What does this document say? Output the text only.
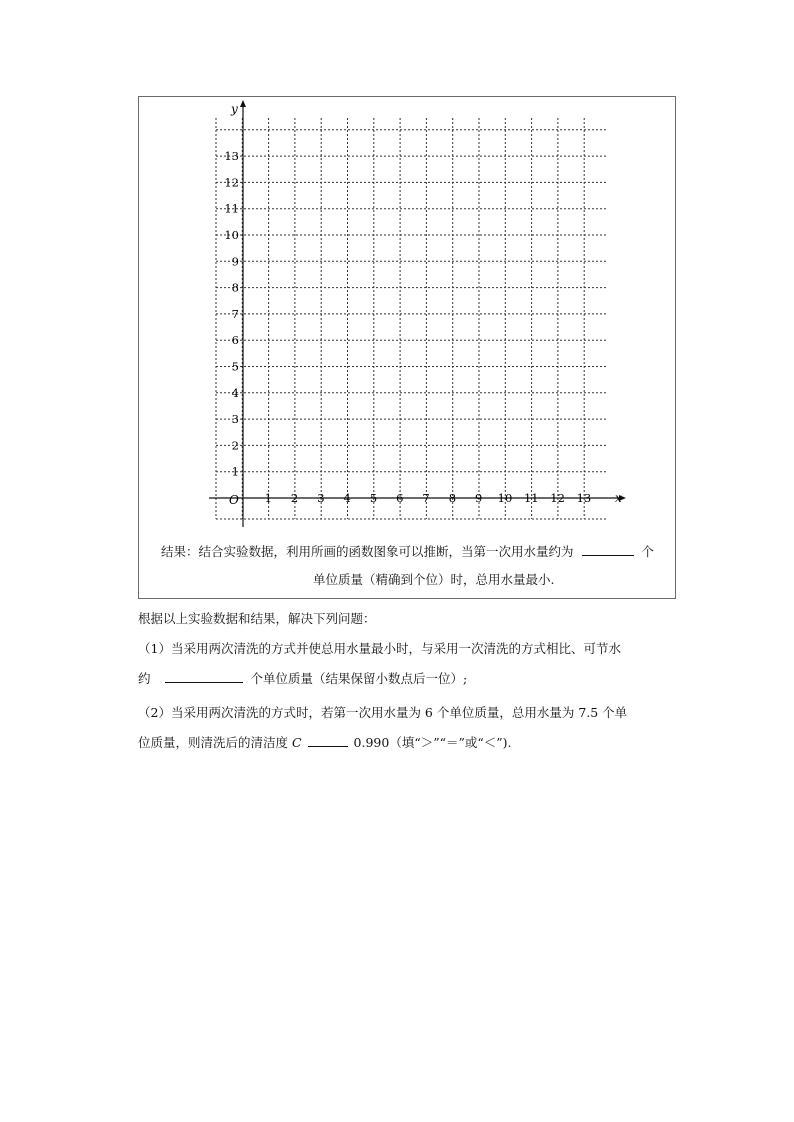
x
y
O 1 2 3 4 5 6 7 8 9 10 11 12 13
1
2
3
4
5
6
7
8
9
10
11
12
13
结果：结合实验数据，利用所画的函数图象可以推断，当第一次用水量约为	个
单位质量（精确到个位）时，总用水量最小.
根据以上实验数据和结果，解决下列问题：
（1）当采用两次清洗的方式并使总用水量最小时，与采用一次清洗的方式相比、可节水
约	个单位质量（结果保留小数点后一位）;
（2）当采用两次清洗的方式时，若第一次用水量为 6 个单位质量，总用水量为 7.5 个单
位质量，则清洗后的清洁度 C	0.990（填“＞”“＝”或“＜”).
